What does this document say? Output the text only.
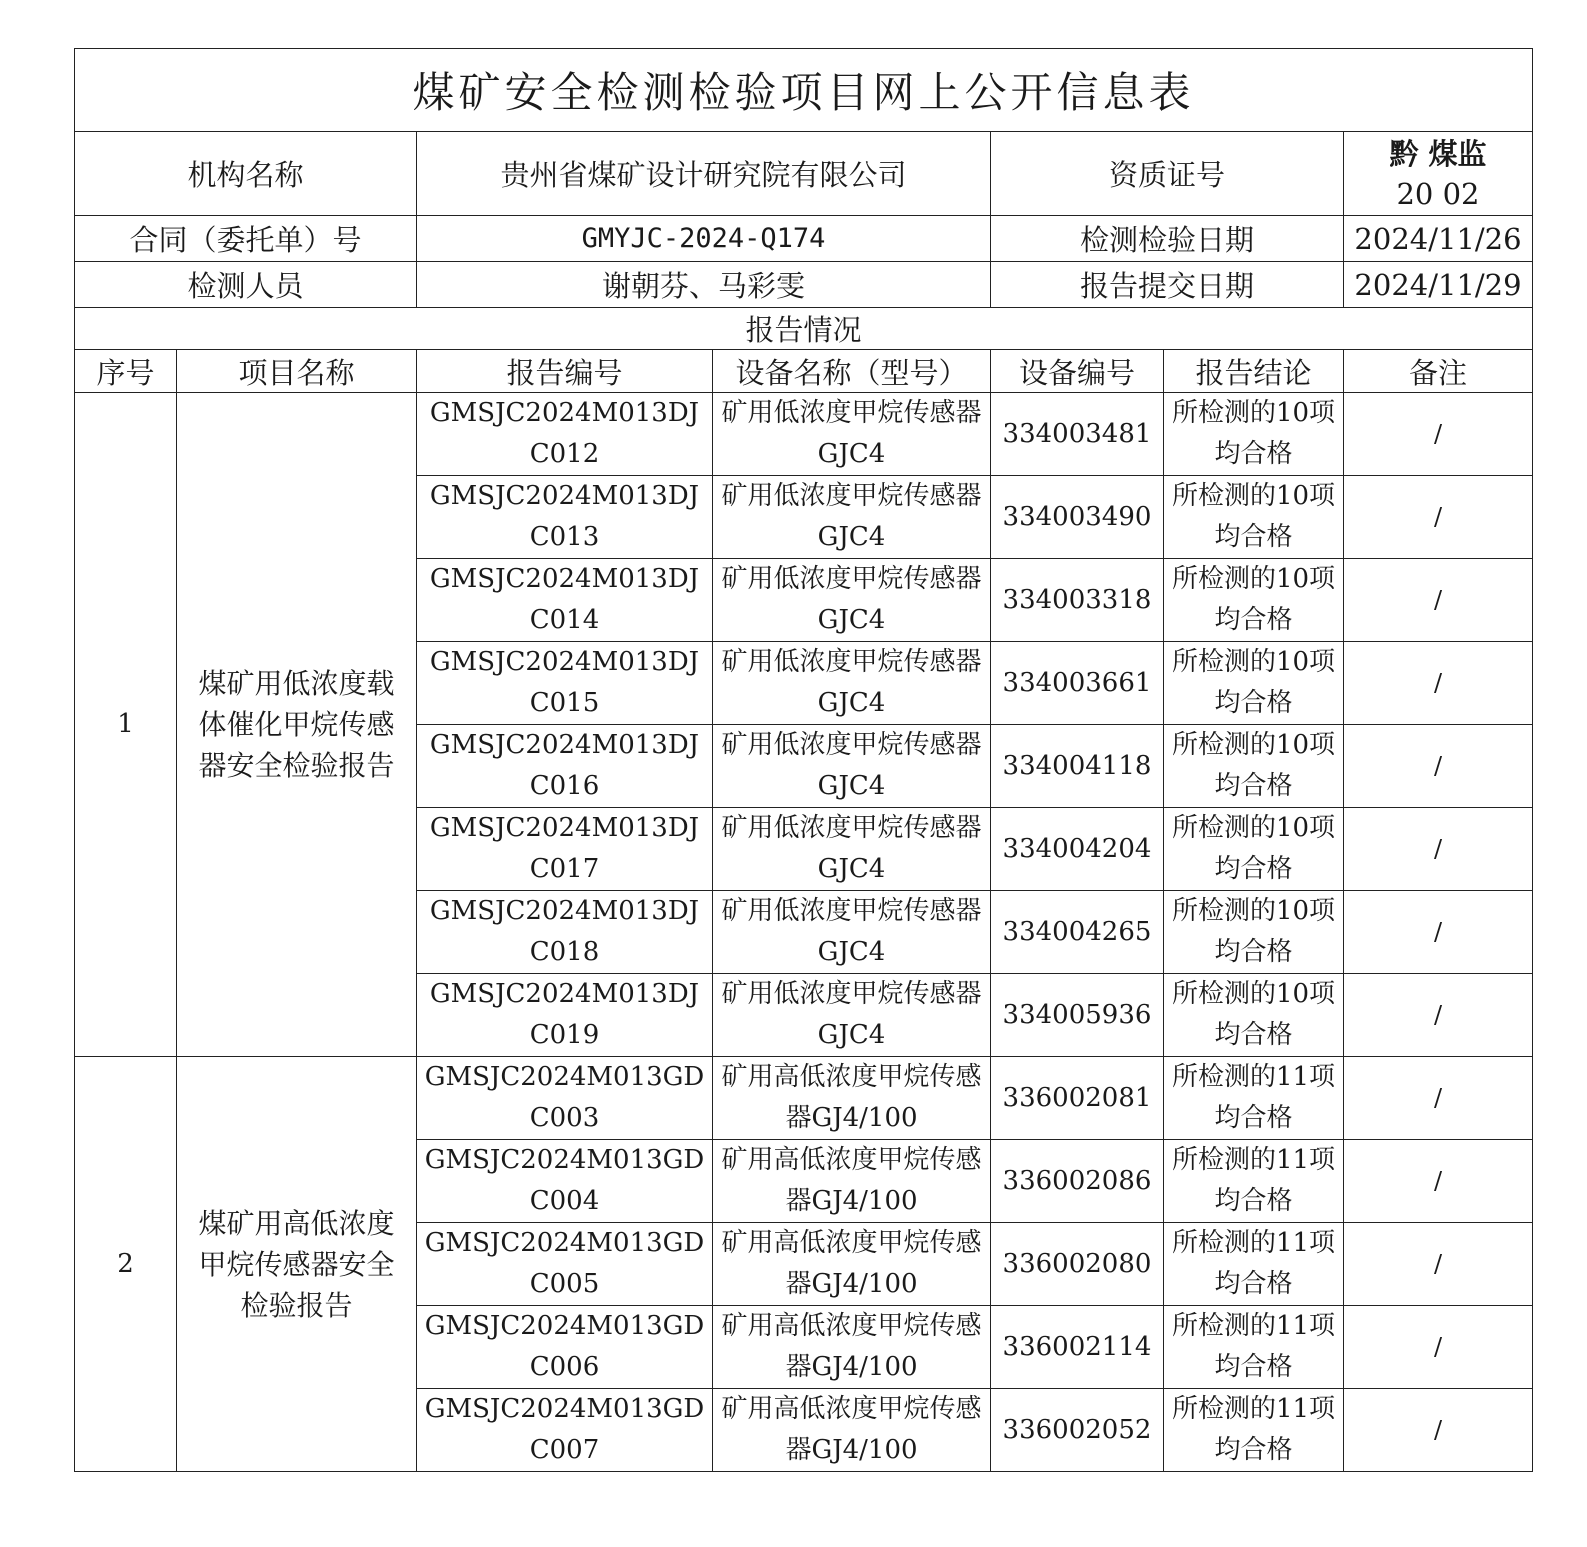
煤矿安全检测检验项目网上公开信息表						
机构名称		贵州省煤矿设计研究院有限公司		资质证号		黔 煤监
20 02

合同（委托单）号		GMYJC-2024-Q174		检测检验日期		2024/11/26
检测人员		谢朝芬、马彩雯		报告提交日期		2024/11/29
报告情况						
序号	项目名称	报告编号	设备名称（型号）	设备编号	报告结论	备注
1	煤矿用低浓度载体催化甲烷传感器安全检验报告	GMSJC2024M013DJC012	矿用低浓度甲烷传感器GJC4	334003481	所检测的10项均合格	/
		GMSJC2024M013DJC013	矿用低浓度甲烷传感器GJC4	334003490	所检测的10项均合格	/
		GMSJC2024M013DJC014	矿用低浓度甲烷传感器GJC4	334003318	所检测的10项均合格	/
		GMSJC2024M013DJC015	矿用低浓度甲烷传感器GJC4	334003661	所检测的10项均合格	/
		GMSJC2024M013DJC016	矿用低浓度甲烷传感器GJC4	334004118	所检测的10项均合格	/
		GMSJC2024M013DJC017	矿用低浓度甲烷传感器GJC4	334004204	所检测的10项均合格	/
		GMSJC2024M013DJC018	矿用低浓度甲烷传感器GJC4	334004265	所检测的10项均合格	/
		GMSJC2024M013DJC019	矿用低浓度甲烷传感器GJC4	334005936	所检测的10项均合格	/
2	煤矿用高低浓度甲烷传感器安全检验报告	GMSJC2024M013GDC003	矿用高低浓度甲烷传感器GJ4/100	336002081	所检测的11项均合格	/
		GMSJC2024M013GDC004	矿用高低浓度甲烷传感器GJ4/100	336002086	所检测的11项均合格	/
		GMSJC2024M013GDC005	矿用高低浓度甲烷传感器GJ4/100	336002080	所检测的11项均合格	/
		GMSJC2024M013GDC006	矿用高低浓度甲烷传感器GJ4/100	336002114	所检测的11项均合格	/
		GMSJC2024M013GDC007	矿用高低浓度甲烷传感器GJ4/100	336002052	所检测的11项均合格	/
